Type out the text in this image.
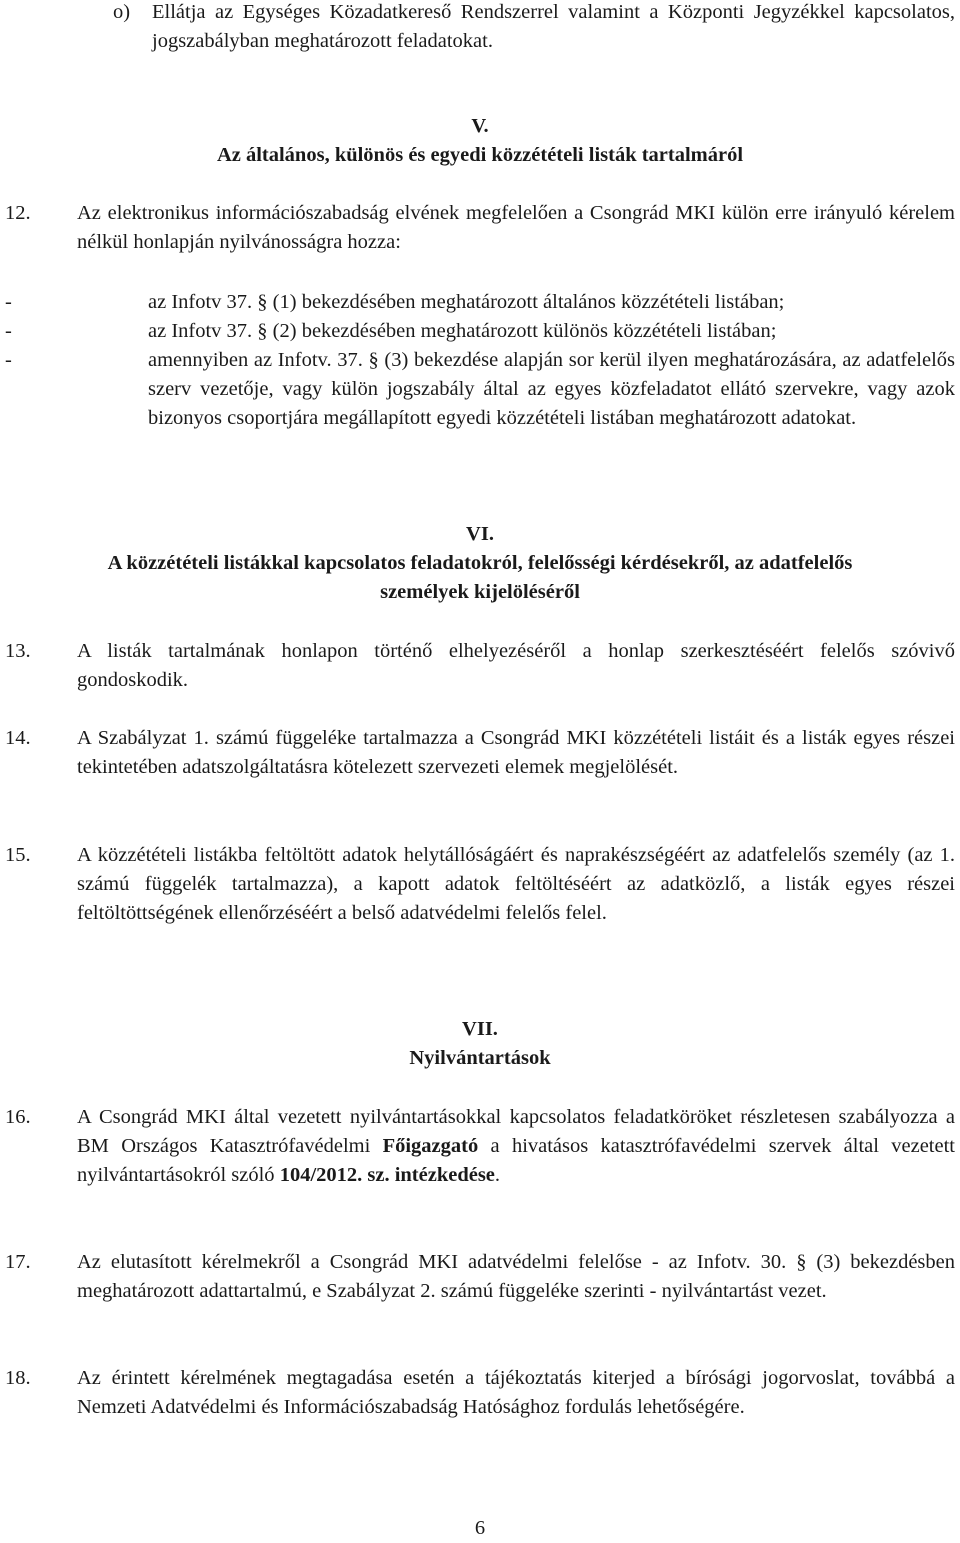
o) Ellátja az Egységes Közadatkereső Rendszerrel valamint a Központi Jegyzékkel kapcsolatos, jogszabályban meghatározott feladatokat.

V.
Az általános, különös és egyedi közzétételi listák tartalmáról
12. Az elektronikus információszabadság elvének megfelelően a Csongrád MKI külön erre irányuló kérelem nélkül honlapján nyilvánosságra hozza:

-	az Infotv 37. § (1) bekezdésében meghatározott általános közzétételi listában;

-	az Infotv 37. § (2) bekezdésében meghatározott különös közzétételi listában;

-	amennyiben az Infotv. 37. § (3) bekezdése alapján sor kerül ilyen meghatározására, az adatfelelős szerv vezetője, vagy külön jogszabály által az egyes közfeladatot ellátó szervekre, vagy azok bizonyos csoportjára megállapított egyedi közzétételi listában meghatározott adatokat.

VI.
A közzétételi listákkal kapcsolatos feladatokról, felelősségi kérdésekről, az adatfelelős
személyek kijelöléséről
13. A listák tartalmának honlapon történő elhelyezéséről a honlap szerkesztéséért felelős szóvivő gondoskodik.

14. A Szabályzat 1. számú függeléke tartalmazza a Csongrád MKI közzétételi listáit és a listák egyes részei tekintetében adatszolgáltatásra kötelezett szervezeti elemek megjelölését.

15. A közzétételi listákba feltöltött adatok helytállóságáért és naprakészségéért az adatfelelős személy (az 1. számú függelék tartalmazza), a kapott adatok feltöltéséért az adatközlő, a listák egyes részei feltöltöttségének ellenőrzéséért a belső adatvédelmi felelős felel.

VII.
Nyilvántartások
16. A Csongrád MKI által vezetett nyilvántartásokkal kapcsolatos feladatköröket részletesen szabályozza a BM Országos Katasztrófavédelmi Főigazgató a hivatásos katasztrófavédelmi szervek által vezetett nyilvántartásokról szóló 104/2012. sz. intézkedése.

17. Az elutasított kérelmekről a Csongrád MKI adatvédelmi felelőse - az Infotv. 30. § (3) bekezdésben meghatározott adattartalmú, e Szabályzat 2. számú függeléke szerinti - nyilvántartást vezet.

18. Az érintett kérelmének megtagadása esetén a tájékoztatás kiterjed a bírósági jogorvoslat, továbbá a Nemzeti Adatvédelmi és Információszabadság Hatósághoz fordulás lehetőségére.

6
